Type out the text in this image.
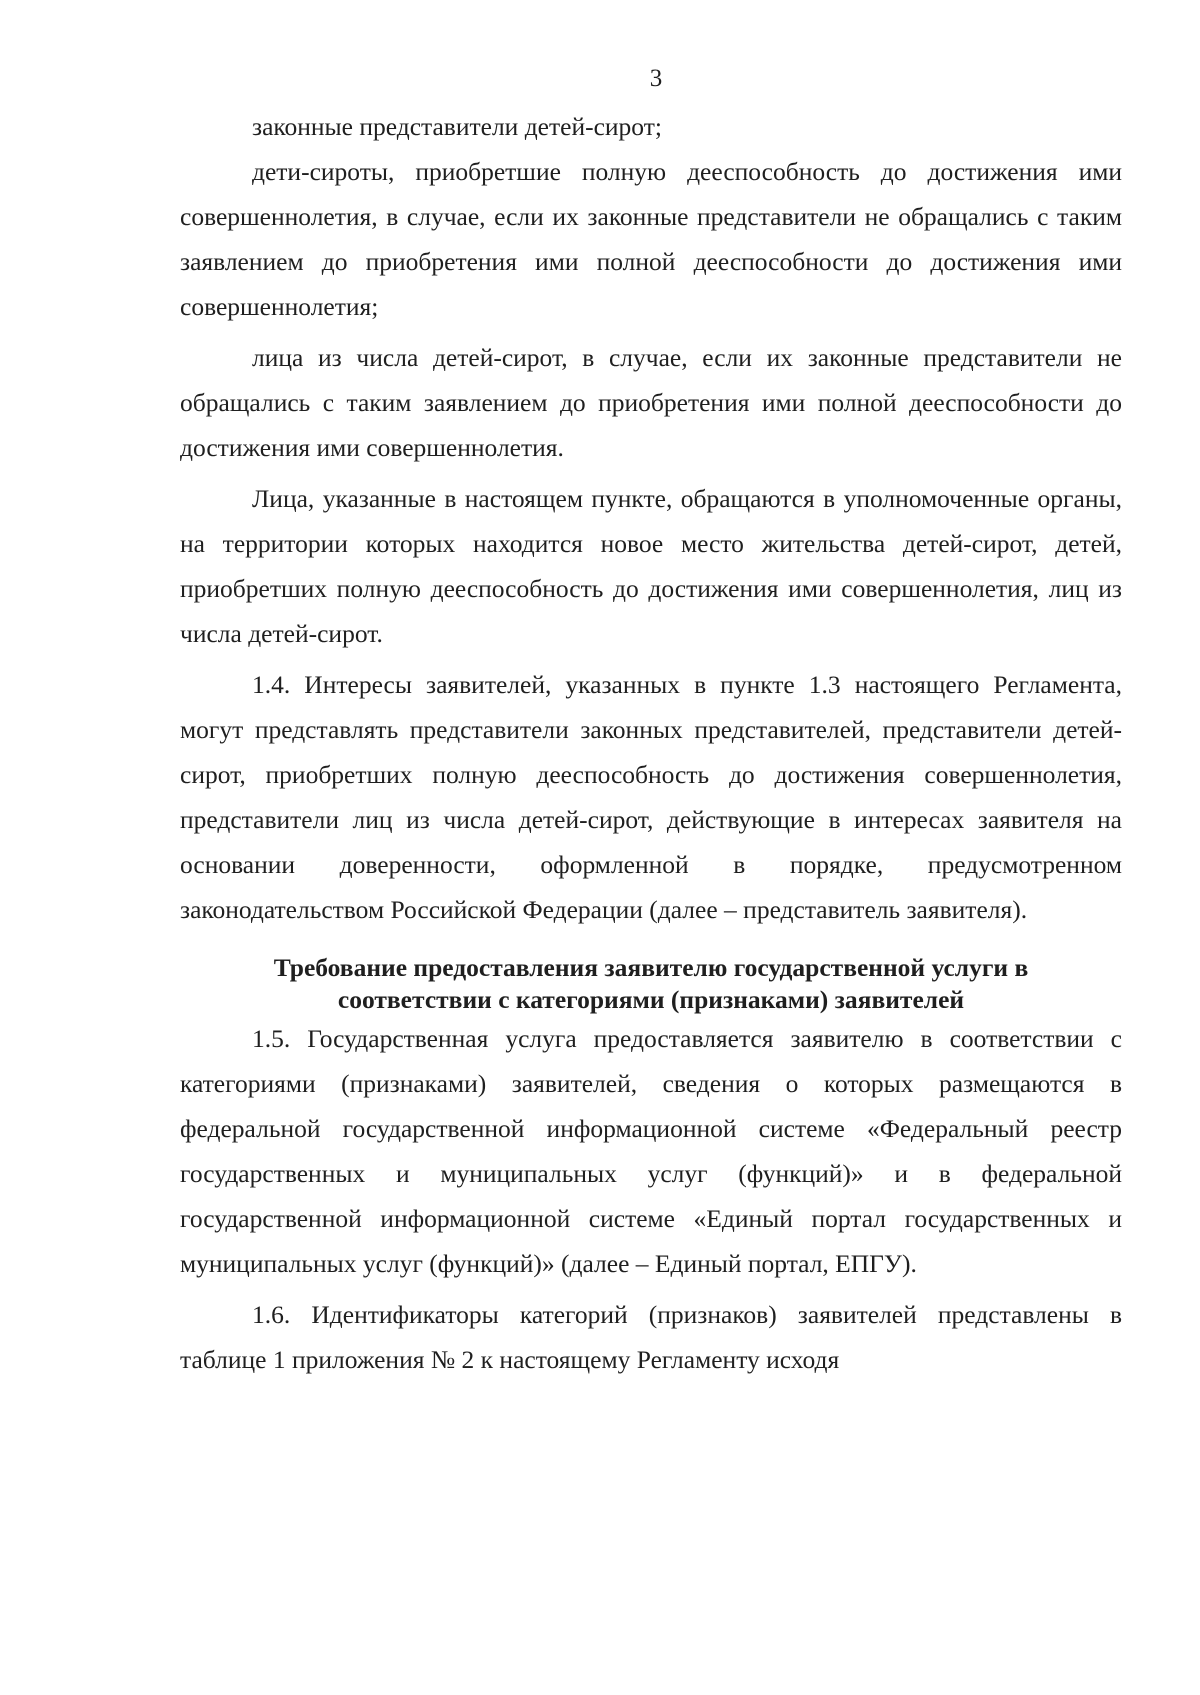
3

законные представители детей-сирот;

дети-сироты, приобретшие полную дееспособность до достижения ими совершеннолетия, в случае, если их законные представители не обращались с таким заявлением до приобретения ими полной дееспособности до достижения ими совершеннолетия;

лица из числа детей-сирот, в случае, если их законные представители не обращались с таким заявлением до приобретения ими полной дееспособности до достижения ими совершеннолетия.

Лица, указанные в настоящем пункте, обращаются в уполномоченные органы, на территории которых находится новое место жительства детей-сирот, детей, приобретших полную дееспособность до достижения ими совершеннолетия, лиц из числа детей-сирот.

1.4. Интересы заявителей, указанных в пункте 1.3 настоящего Регламента, могут представлять представители законных представителей, представители детей-сирот, приобретших полную дееспособность до достижения совершеннолетия, представители лиц из числа детей-сирот, действующие в интересах заявителя на основании доверенности, оформленной в порядке, предусмотренном законодательством Российской Федерации (далее – представитель заявителя).

Требование предоставления заявителю государственной услуги в
соответствии с категориями (признаками) заявителей

1.5. Государственная услуга предоставляется заявителю в соответствии с категориями (признаками) заявителей, сведения о которых размещаются в федеральной государственной информационной системе «Федеральный реестр государственных и муниципальных услуг (функций)» и в федеральной государственной информационной системе «Единый портал государственных и муниципальных услуг (функций)» (далее – Единый портал, ЕПГУ).

1.6. Идентификаторы категорий (признаков) заявителей представлены в таблице 1 приложения № 2 к настоящему Регламенту исходя
